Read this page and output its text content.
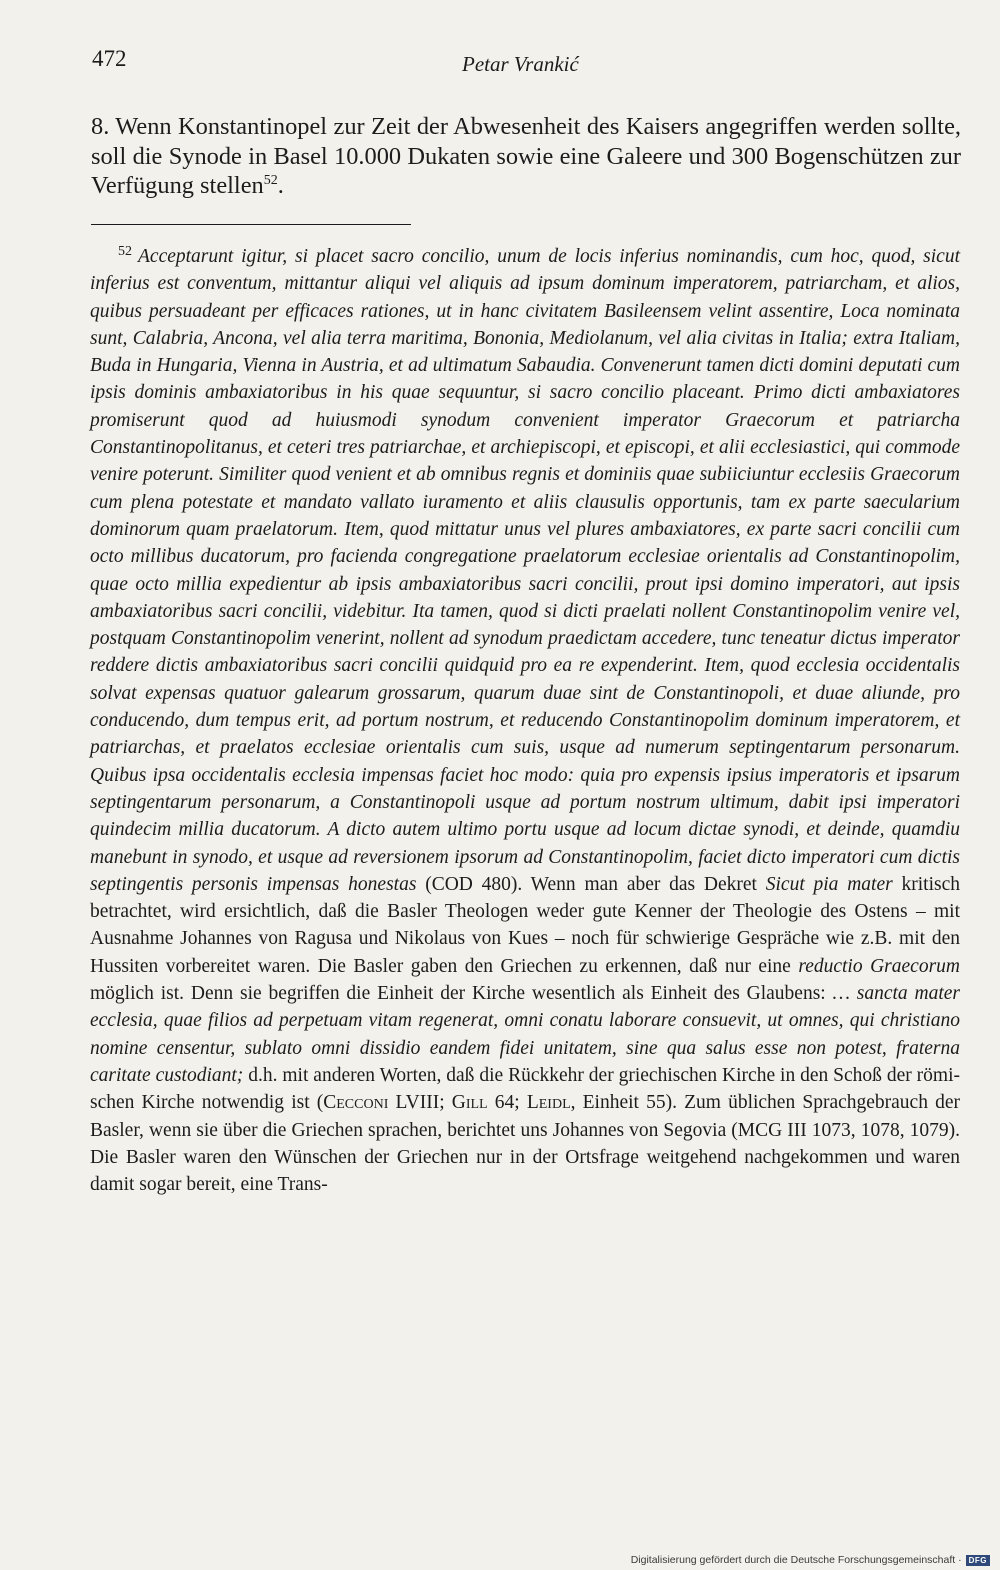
472	Petar Vrankić
8. Wenn Konstantinopel zur Zeit der Abwesenheit des Kaisers angegriffen werden sollte, soll die Synode in Basel 10.000 Dukaten sowie eine Galeere und 300 Bogenschützen zur Verfügung stellen$^{52}$.
$^{52}$ Acceptarunt igitur, si placet sacro concilio, unum de locis inferius nominandis, cum hoc, quod, sicut inferius est conventum, mittantur aliqui vel aliquis ad ipsum dominum imperatorem, patriarcham, et alios, quibus persuadeant per efficaces rationes, ut in hanc civitatem Basileensem velint assentire, Loca nominata sunt, Calabria, Ancona, vel alia terra maritima, Bononia, Mediolanum, vel alia civitas in Italia; extra Italiam, Buda in Hungaria, Vienna in Austria, et ad ultimatum Sabaudia. Convenerunt tamen dicti domini deputati cum ipsis dominis ambaxiatoribus in his quae sequuntur, si sacro concilio placeant. Primo dicti ambaxiatores promiserunt quod ad huiusmodi synodum convenient imperator Graecorum et patriarcha Constantinopolitanus, et ceteri tres patriarchae, et archiepiscopi, et episcopi, et alii ecclesiastici, qui commode venire poterunt. Similiter quod venient et ab omnibus regnis et dominiis quae subiiciuntur ecclesiis Graecorum cum plena potestate et mandato vallato iuramento et aliis clausulis opportunis, tam ex parte saecularium dominorum quam praelatorum. Item, quod mittatur unus vel plures ambaxiatores, ex parte sacri concilii cum octo millibus ducatorum, pro facienda congregatione praelatorum ecclesiae orientalis ad Constantinopolim, quae octo millia expedientur ab ipsis ambaxiatoribus sacri concilii, prout ipsi domino imperatori, aut ipsis ambaxiatoribus sacri concilii, videbitur. Ita tamen, quod si dicti praelati nollent Constantinopolim venire vel, postquam Constantinopolim venerint, nollent ad synodum praedictam accedere, tunc teneatur dictus imperator reddere dictis ambaxiatoribus sacri concilii quidquid pro ea re expenderint. Item, quod ecclesia occidentalis solvat expensas quatuor galearum grossarum, quarum duae sint de Constantinopoli, et duae aliunde, pro conducendo, dum tempus erit, ad portum nostrum, et reducendo Constantinopolim dominum imperatorem, et patriarchas, et praelatos ecclesiae orientalis cum suis, usque ad numerum septingentarum personarum. Quibus ipsa occidentalis ecclesia impensas faciet hoc modo: quia pro expensis ipsius imperatoris et ipsarum septingentarum personarum, a Constantinopoli usque ad portum nostrum ultimum, dabit ipsi imperatori quindecim millia ducatorum. A dicto autem ultimo portu usque ad locum dictae synodi, et deinde, quamdiu manebunt in synodo, et usque ad reversionem ipsorum ad Constantinopolim, faciet dicto imperatori cum dictis septingentis personis impensas honestas (COD 480). Wenn man aber das Dekret Sicut pia mater kritisch betrachtet, wird ersichtlich, daß die Basler Theologen weder gute Kenner der Theologie des Ostens – mit Ausnahme Johannes von Ragusa und Nikolaus von Kues – noch für schwierige Gespräche wie z.B. mit den Hussiten vorbereitet waren. Die Basler gaben den Griechen zu erkennen, daß nur eine reductio Graecorum möglich ist. Denn sie begriffen die Einheit der Kirche wesentlich als Einheit des Glaubens: … sancta mater ecclesia, quae filios ad perpetuam vitam regenerat, omni conatu laborare consuevit, ut omnes, qui christiano nomine censentur, sublato omni dissidio eandem fidei unitatem, sine qua salus esse non potest, fraterna caritate custodiant; d.h. mit anderen Worten, daß die Rückkehr der griechischen Kirche in den Schoß der römischen Kirche notwendig ist (Cecconi LVIII; Gill 64; Leidl, Einheit 55). Zum üblichen Sprachgebrauch der Basler, wenn sie über die Griechen sprachen, berichtet uns Johannes von Segovia (MCG III 1073, 1078, 1079). Die Basler waren den Wünschen der Griechen nur in der Ortsfrage weitgehend nachgekommen und waren damit sogar bereit, eine Trans-
Digitalisierung gefördert durch die Deutsche Forschungsgemeinschaft · DFG
